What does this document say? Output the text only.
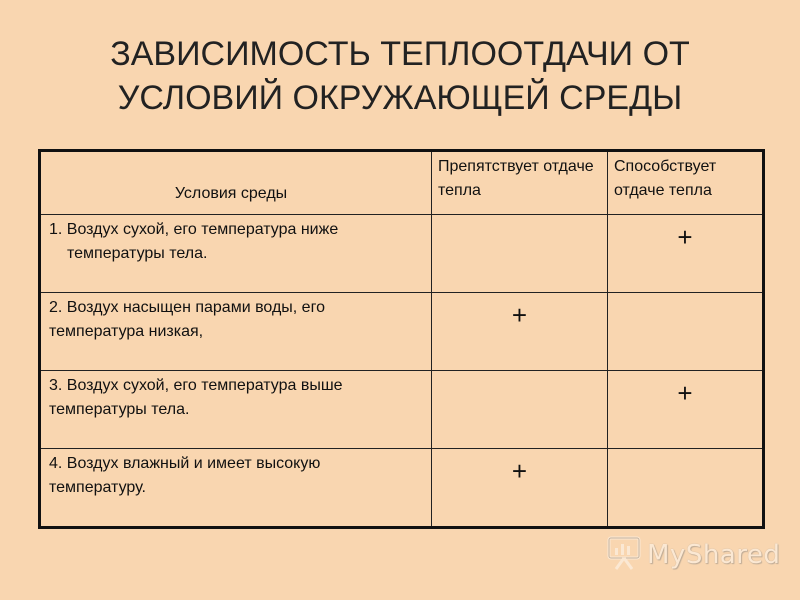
ЗАВИСИМОСТЬ ТЕПЛООТДАЧИ ОТ
УСЛОВИЙ ОКРУЖАЮЩЕЙ СРЕДЫ
Условия среды	Препятствует отдаче тепла	Способствует отдаче тепла

1. Воздух сухой, его температура ниже
температуры тела.		+

2. Воздух насыщен парами воды, его
температура низкая,	+	

3. Воздух сухой, его температура выше
температуры тела.		+

4. Воздух влажный и имеет высокую
температуру.	+	

MyShared
